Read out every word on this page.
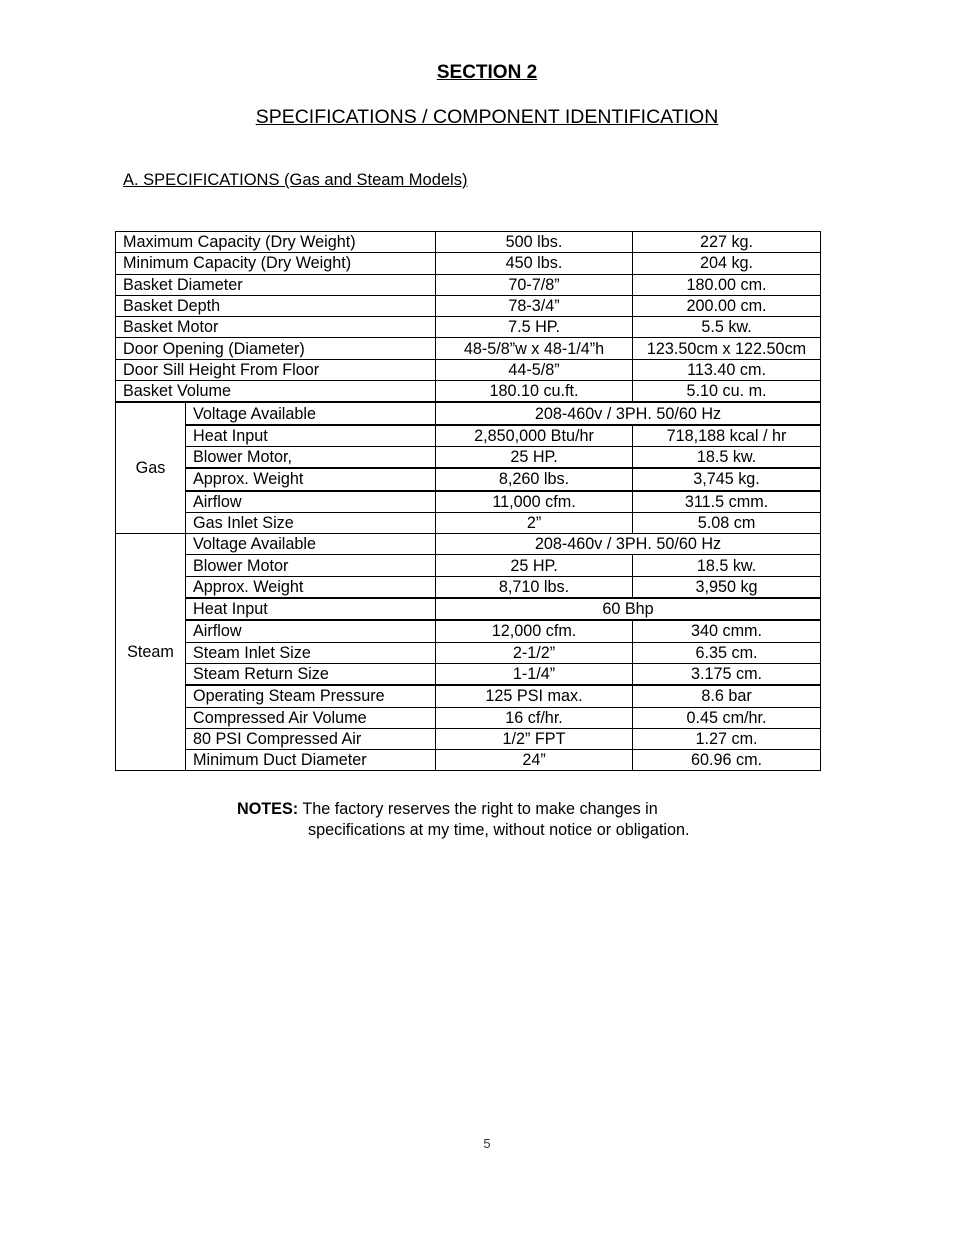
SECTION 2
SPECIFICATIONS / COMPONENT IDENTIFICATION
A. SPECIFICATIONS (Gas and Steam Models)
Maximum Capacity (Dry Weight)		500 lbs.	227 kg.
Minimum Capacity (Dry Weight)		450 lbs.	204 kg.
Basket Diameter		70-7/8”	180.00 cm.
Basket Depth		78-3/4”	200.00 cm.
Basket Motor		7.5 HP.	5.5 kw.
Door Opening (Diameter)		48-5/8”w x 48-1/4”h	123.50cm x 122.50cm
Door Sill Height From Floor		44-5/8”	113.40 cm.
Basket Volume		180.10 cu.ft.	5.10 cu. m.
Gas	Voltage Available	208-460v / 3PH. 50/60 Hz	
	Heat Input	2,850,000 Btu/hr	718,188 kcal / hr
	Blower Motor,	25 HP.	18.5 kw.
	Approx. Weight	8,260 lbs.	3,745 kg.
	Airflow	11,000 cfm.	311.5 cmm.
	Gas Inlet Size	2”	5.08 cm
Steam	Voltage Available	208-460v / 3PH. 50/60 Hz	
	Blower Motor	25 HP.	18.5 kw.
	Approx. Weight	8,710 lbs.	3,950 kg
	Heat Input	60 Bhp	
	Airflow	12,000 cfm.	340 cmm.
	Steam Inlet Size	2-1/2”	6.35 cm.
	Steam Return Size	1-1/4”	3.175 cm.
	Operating Steam Pressure	125 PSI max.	8.6 bar
	Compressed Air Volume	16 cf/hr.	0.45 cm/hr.
	80 PSI Compressed Air	1/2” FPT	1.27 cm.
	Minimum Duct Diameter	24”	60.96 cm.
NOTES: The factory reserves the right to make changes in
specifications at my time, without notice or obligation.
5
